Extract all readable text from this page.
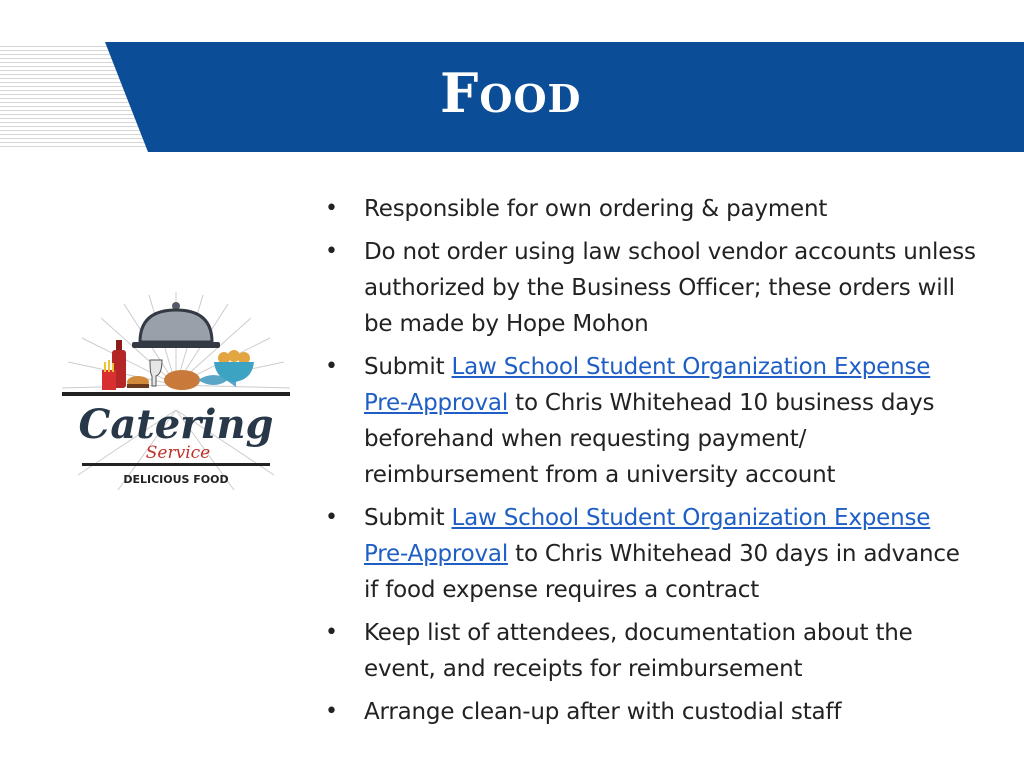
Food
Catering
Service
DELICIOUS FOOD
• Responsible for own ordering & payment
• Do not order using law school vendor accounts unless authorized by the Business Officer; these orders will be made by Hope Mohon
• Submit Law School Student Organization Expense Pre-Approval to Chris Whitehead 10 business days beforehand when requesting payment/ reimbursement from a university account
• Submit Law School Student Organization Expense Pre-Approval to Chris Whitehead 30 days in advance if food expense requires a contract
• Keep list of attendees, documentation about the event, and receipts for reimbursement
• Arrange clean-up after with custodial staff
